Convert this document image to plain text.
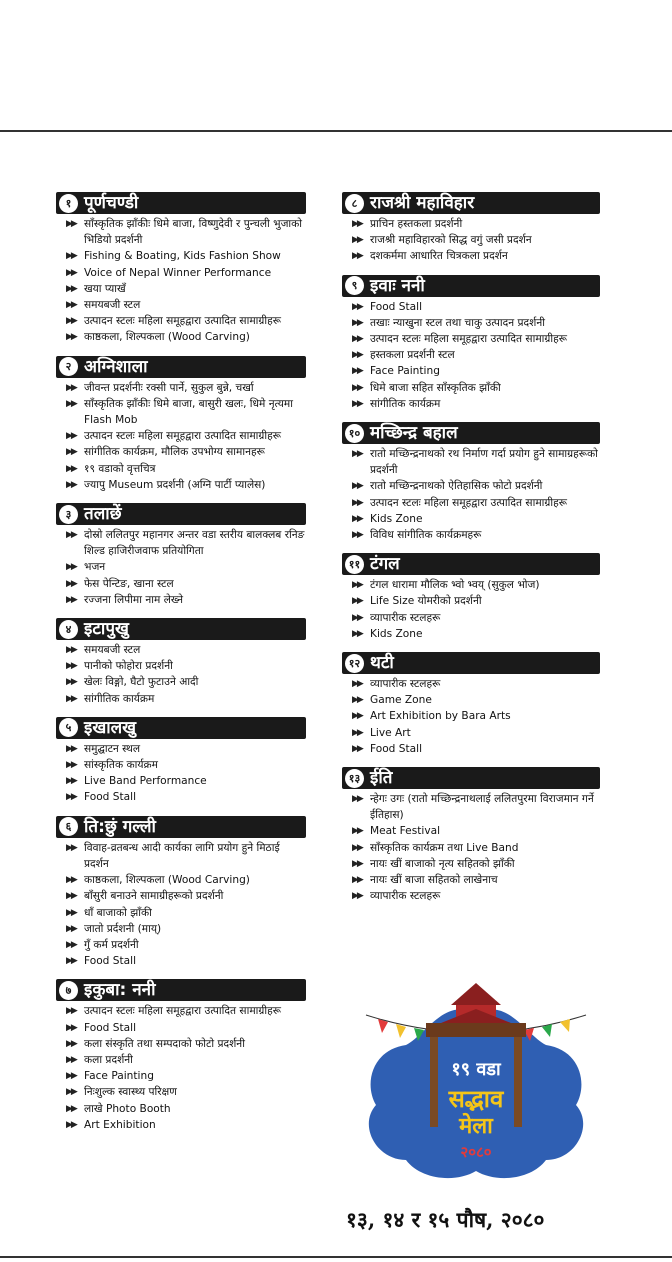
१ पूर्णचण्डी
▶▶ साँस्कृतिक झाँकीः धिमे बाजा, विष्णुदेवी र पुन्चली भुजाको भिडियो प्रदर्शनी
▶▶ Fishing & Boating, Kids Fashion Show
▶▶ Voice of Nepal Winner Performance
▶▶ खया प्याखँ
▶▶ समयबजी स्टल
▶▶ उत्पादन स्टलः महिला समूहद्वारा उत्पादित सामाग्रीहरू
▶▶ काष्ठकला, शिल्पकला (Wood Carving)
२ अग्निशाला
▶▶ जीवन्त प्रदर्शनीः रक्सी पार्ने, सुकुल बुन्ने, चर्खा
▶▶ साँस्कृतिक झाँकीः धिमे बाजा, बासुरी खलः, धिमे नृत्यमा Flash Mob
▶▶ उत्पादन स्टलः महिला समूहद्वारा उत्पादित सामाग्रीहरू
▶▶ सांगीतिक कार्यक्रम, मौलिक उपभोग्य सामानहरू
▶▶ १९ वडाको वृत्तचित्र
▶▶ ज्यापु Museum प्रदर्शनी (अग्नि पार्टी प्यालेस)
३ तलाछें
▶▶ दोस्रो ललितपुर महानगर अन्तर वडा स्तरीय बालक्लब रनिङ शिल्ड हाजिरीजवाफ प्रतियोगिता
▶▶ भजन
▶▶ फेस पेन्टिङ, खाना स्टल
▶▶ रज्जना लिपीमा नाम लेख्ने
४ इटापुखु
▶▶ समयबजी स्टल
▶▶ पानीको फोहोरा प्रदर्शनी
▶▶ खेलः विङ्गो, घैटो फुटाउने आदी
▶▶ सांगीतिक कार्यक्रम
५ इखालखु
▶▶ समुद्घाटन स्थल
▶▶ सांस्कृतिक कार्यक्रम
▶▶ Live Band Performance
▶▶ Food Stall
६ ति:छुं गल्ली
▶▶ विवाह-व्रतबन्ध आदी कार्यका लागि प्रयोग हुने मिठाई प्रदर्शन
▶▶ काष्ठकला, शिल्पकला (Wood Carving)
▶▶ बाँसुरी बनाउने सामाग्रीहरूको प्रदर्शनी
▶▶ धाँ बाजाको झाँकी
▶▶ जातो प्रर्दशनी (माय्)
▶▶ गुँ कर्म प्रदर्शनी
▶▶ Food Stall
७ इकुबा: ननी
▶▶ उत्पादन स्टलः महिला समूहद्वारा उत्पादित सामाग्रीहरू
▶▶ Food Stall
▶▶ कला संस्कृति तथा सम्पदाको फोटो प्रदर्शनी
▶▶ कला प्रदर्शनी
▶▶ Face Painting
▶▶ निःशुल्क स्वास्थ्य परिक्षण
▶▶ लाखे Photo Booth
▶▶ Art Exhibition
८ राजश्री महाविहार
▶▶ प्राचिन हस्तकला प्रदर्शनी
▶▶ राजश्री महाविहारको सिद्ध वगुं जसी प्रदर्शन
▶▶ दशकर्ममा आधारित चित्रकला प्रदर्शन
९ इवाः ननी
▶▶ Food Stall
▶▶ तखाः न्याखुना स्टल तथा चाकु उत्पादन प्रदर्शनी
▶▶ उत्पादन स्टलः महिला समूहद्वारा उत्पादित सामाग्रीहरू
▶▶ हस्तकला प्रदर्शनी स्टल
▶▶ Face Painting
▶▶ धिमे बाजा सहित साँस्कृतिक झाँकी
▶▶ सांगीतिक कार्यक्रम
१० मच्छिन्द्र बहाल
▶▶ रातो मच्छिन्द्रनाथको रथ निर्माण गर्दा प्रयोग हुने सामाग्रहरूको प्रदर्शनी
▶▶ रातो मच्छिन्द्रनाथको ऐतिहासिक फोटो प्रदर्शनी
▶▶ उत्पादन स्टलः महिला समूहद्वारा उत्पादित सामाग्रीहरू
▶▶ Kids Zone
▶▶ विविध सांगीतिक कार्यक्रमहरू
११ टंगल
▶▶ टंगल धारामा मौलिक भ्वो भ्वय् (सुकुल भोज)
▶▶ Life Size योमरीको प्रदर्शनी
▶▶ व्यापारीक स्टलहरू
▶▶ Kids Zone
१२ थटी
▶▶ व्यापारीक स्टलहरू
▶▶ Game Zone
▶▶ Art Exhibition by Bara Arts
▶▶ Live Art
▶▶ Food Stall
१३ ईति
▶▶ न्हेगः उगः (रातो मच्छिन्द्रनाथलाई ललितपुरमा विराजमान गर्ने ईतिहास)
▶▶ Meat Festival
▶▶ साँस्कृतिक कार्यक्रम तथा Live Band
▶▶ नायः खीं बाजाको नृत्य सहितको झाँकी
▶▶ नायः खीं बाजा सहितको लाखेनाच
▶▶ व्यापारीक स्टलहरू
१९ वडा
सद्भाव
मेला
२०८०
१३, १४ र १५ पौष, २०८०
